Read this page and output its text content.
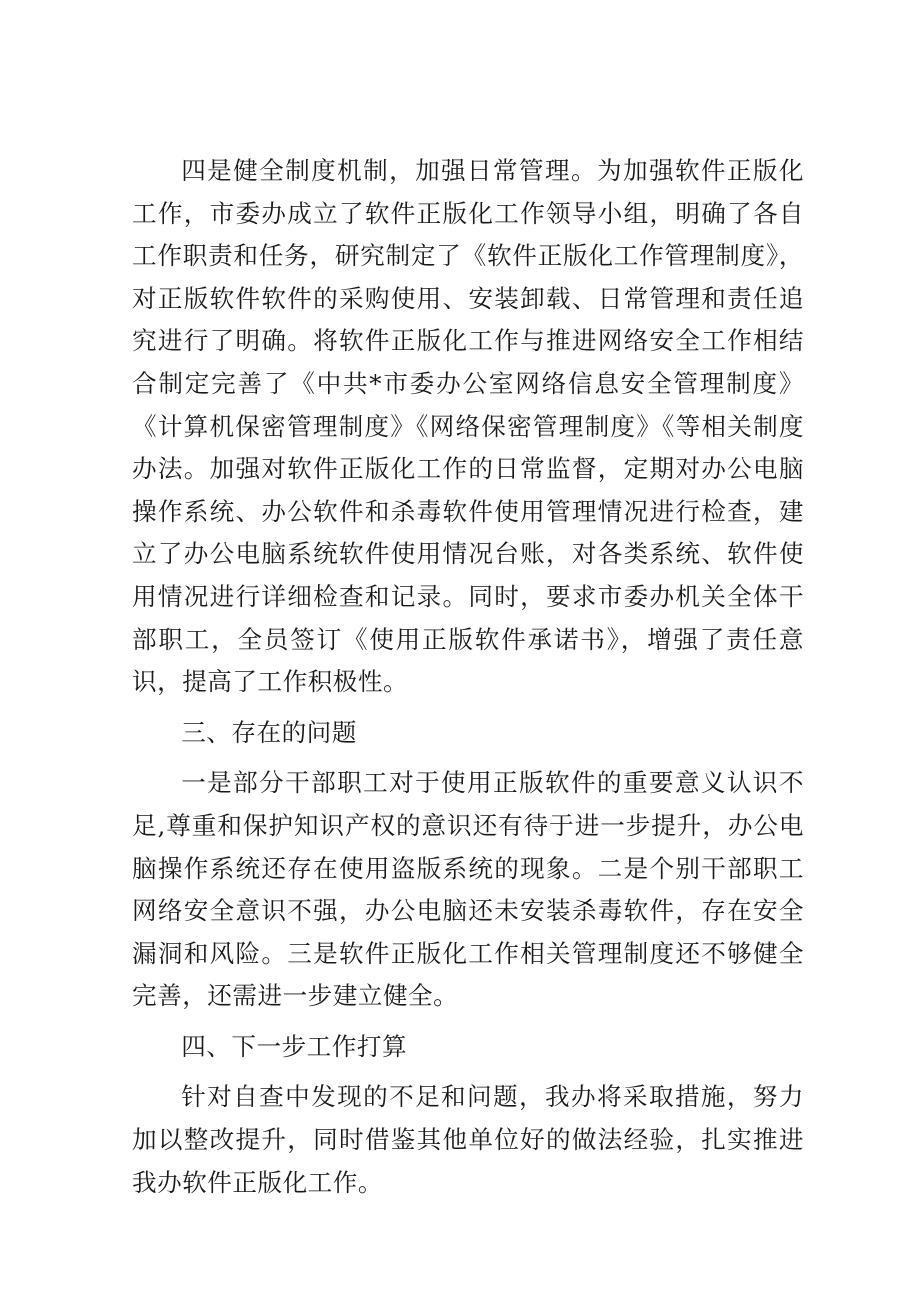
四是健全制度机制，加强日常管理。为加强软件正版化工作，市委办成立了软件正版化工作领导小组，明确了各自工作职责和任务，研究制定了《软件正版化工作管理制度》，对正版软件软件的采购使用、安装卸载、日常管理和责任追究进行了明确。将软件正版化工作与推进网络安全工作相结合制定完善了《中共*市委办公室网络信息安全管理制度》《计算机保密管理制度》《网络保密管理制度》《等相关制度办法。加强对软件正版化工作的日常监督，定期对办公电脑操作系统、办公软件和杀毒软件使用管理情况进行检查，建立了办公电脑系统软件使用情况台账，对各类系统、软件使用情况进行详细检查和记录。同时，要求市委办机关全体干部职工，全员签订《使用正版软件承诺书》，增强了责任意识，提高了工作积极性。

三、存在的问题

一是部分干部职工对于使用正版软件的重要意义认识不足,尊重和保护知识产权的意识还有待于进一步提升，办公电脑操作系统还存在使用盗版系统的现象。二是个别干部职工网络安全意识不强，办公电脑还未安装杀毒软件，存在安全漏洞和风险。三是软件正版化工作相关管理制度还不够健全完善，还需进一步建立健全。

四、下一步工作打算

针对自查中发现的不足和问题，我办将采取措施，努力加以整改提升，同时借鉴其他单位好的做法经验，扎实推进我办软件正版化工作。
